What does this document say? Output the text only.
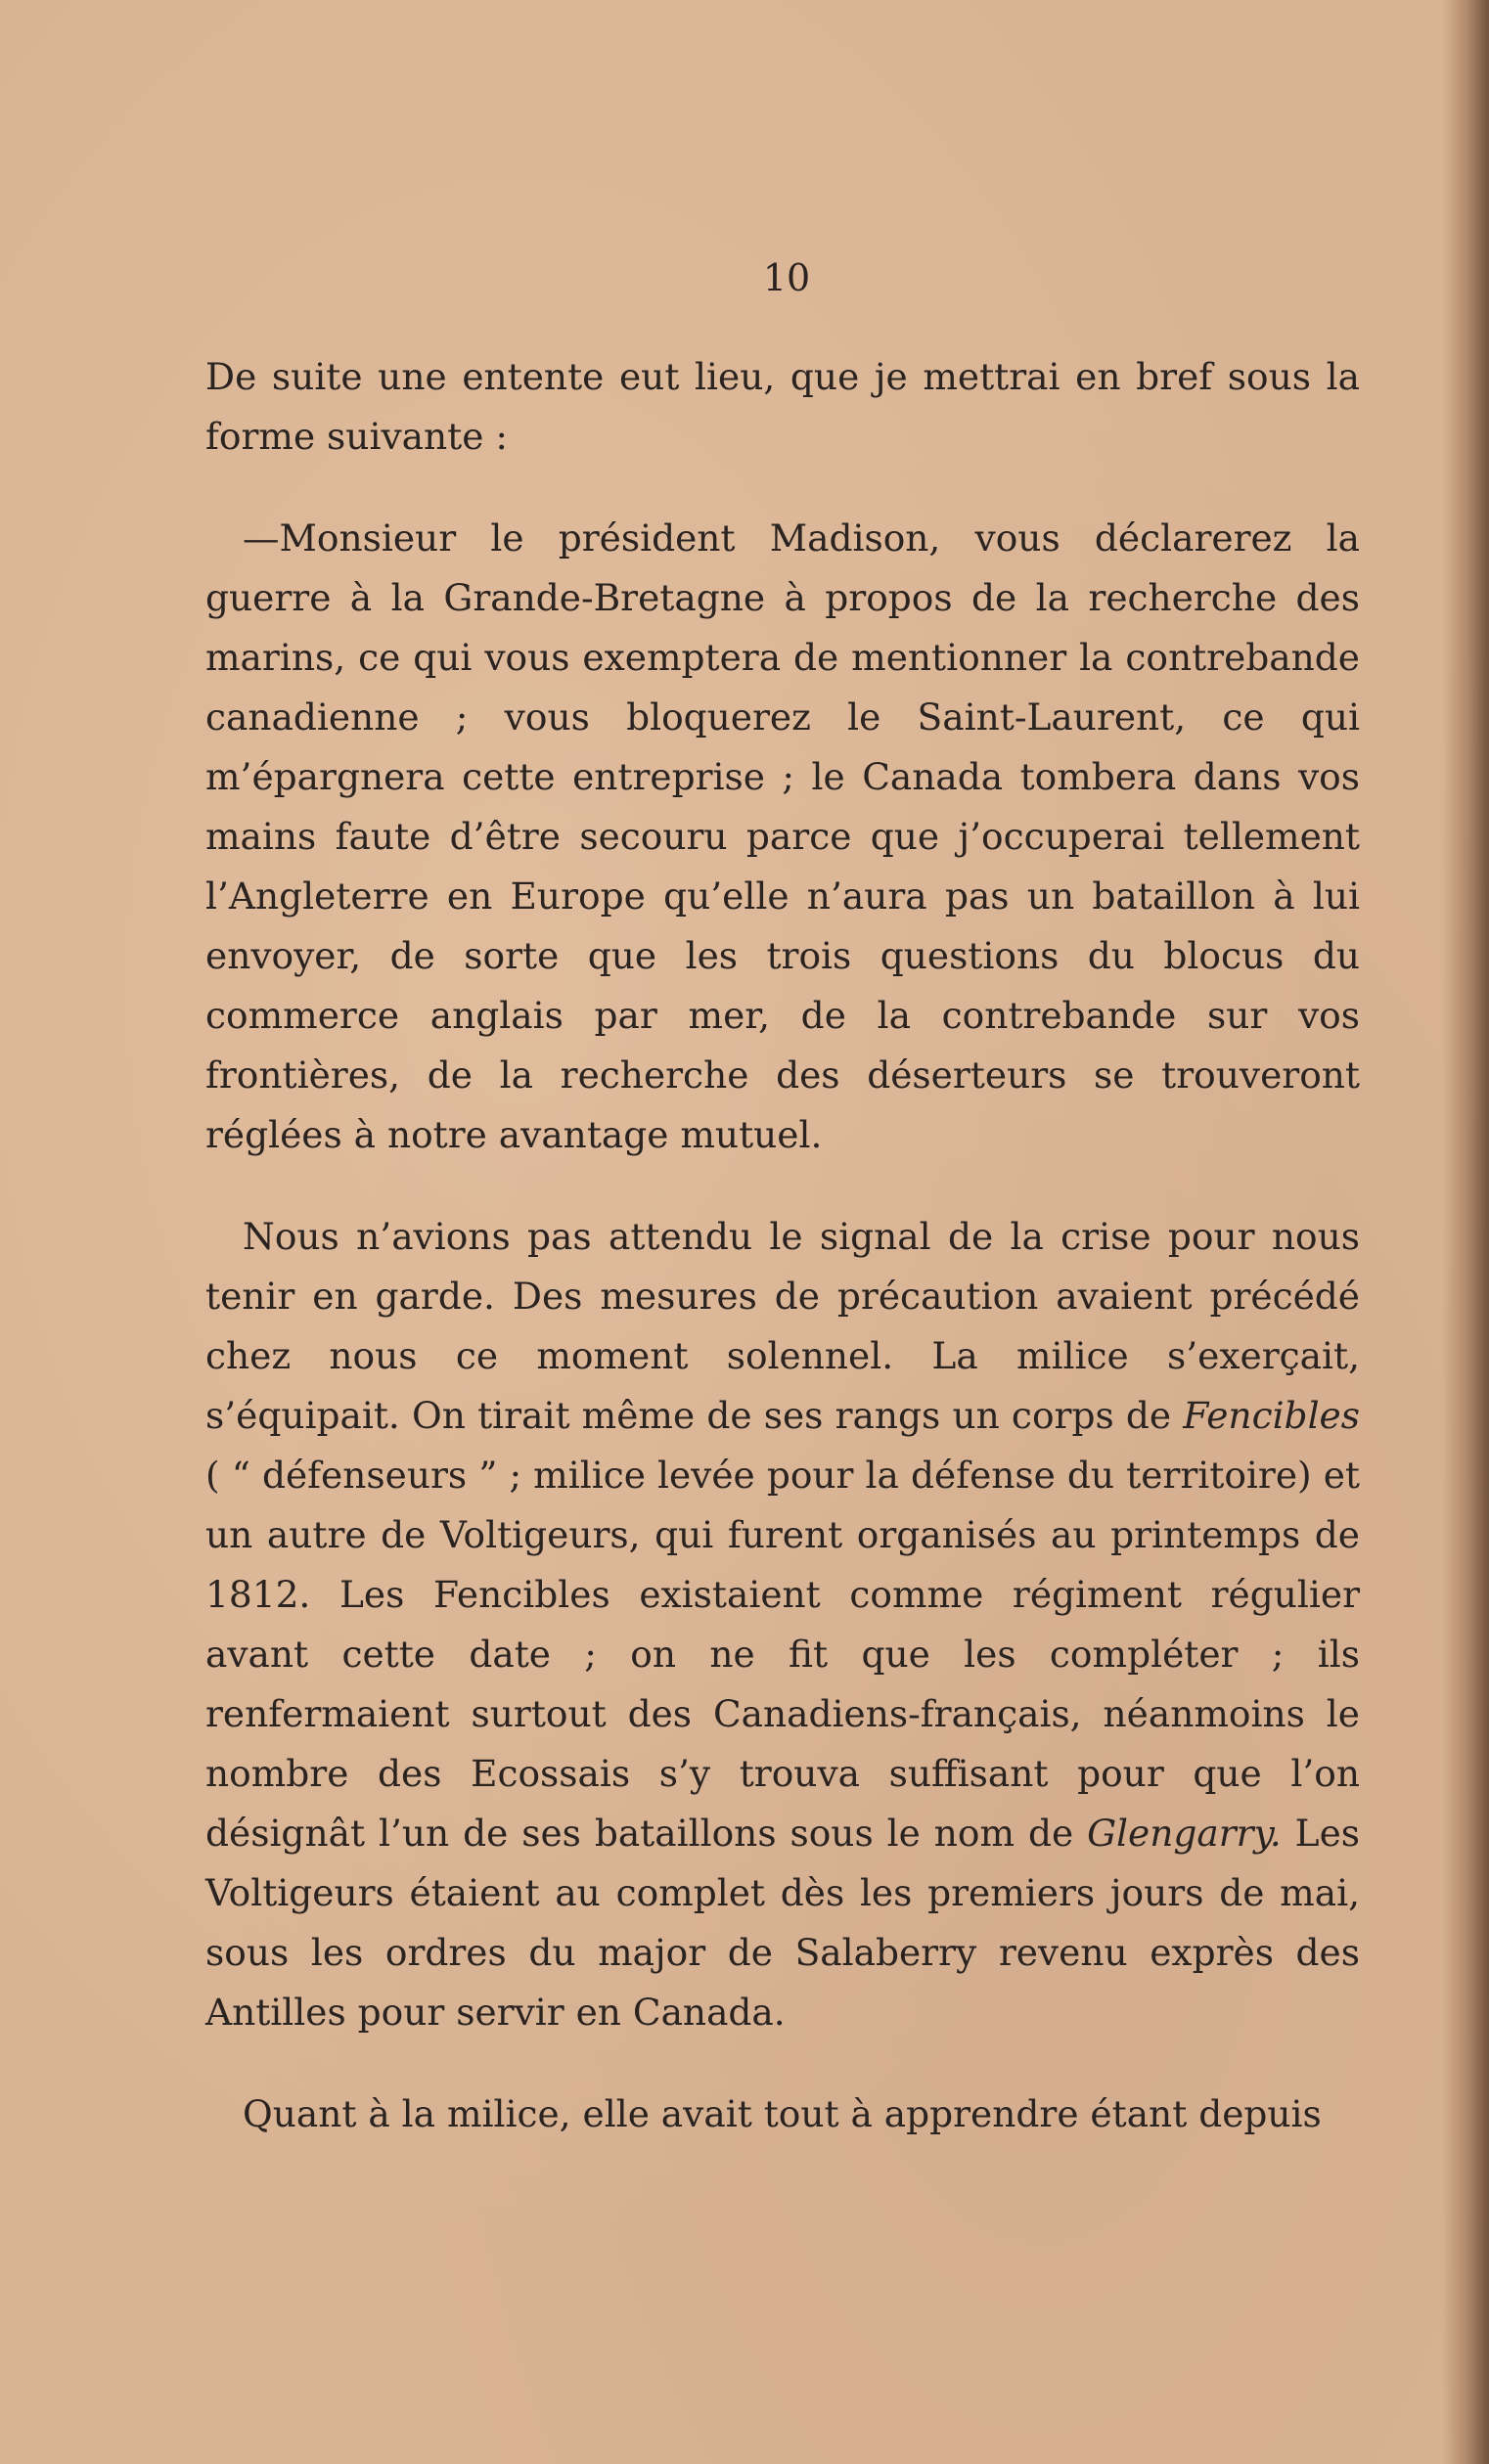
10

De suite une entente eut lieu, que je mettrai en bref sous la forme suivante :

—Monsieur le président Madison, vous déclarerez la guerre à la Grande-Bretagne à propos de la recherche des marins, ce qui vous exemptera de mentionner la contrebande canadienne ; vous bloquerez le Saint-Laurent, ce qui m’épargnera cette entreprise ; le Canada tombera dans vos mains faute d’être secouru parce que j’occuperai tellement l’Angleterre en Europe qu’elle n’aura pas un bataillon à lui envoyer, de sorte que les trois questions du blocus du commerce anglais par mer, de la contrebande sur vos frontières, de la recherche des déserteurs se trouveront réglées à notre avantage mutuel.

Nous n’avions pas attendu le signal de la crise pour nous tenir en garde. Des mesures de précaution avaient précédé chez nous ce moment solennel. La milice s’exerçait, s’équipait. On tirait même de ses rangs un corps de Fencibles ( “ défenseurs ” ; milice levée pour la défense du territoire) et un autre de Voltigeurs, qui furent organisés au printemps de 1812. Les Fencibles existaient comme régiment régulier avant cette date ; on ne fit que les compléter ; ils renfermaient surtout des Canadiens-français, néanmoins le nombre des Ecossais s’y trouva suffisant pour que l’on désignât l’un de ses bataillons sous le nom de Glengarry. Les Voltigeurs étaient au complet dès les premiers jours de mai, sous les ordres du major de Salaberry revenu exprès des Antilles pour servir en Canada.

Quant à la milice, elle avait tout à apprendre étant depuis
